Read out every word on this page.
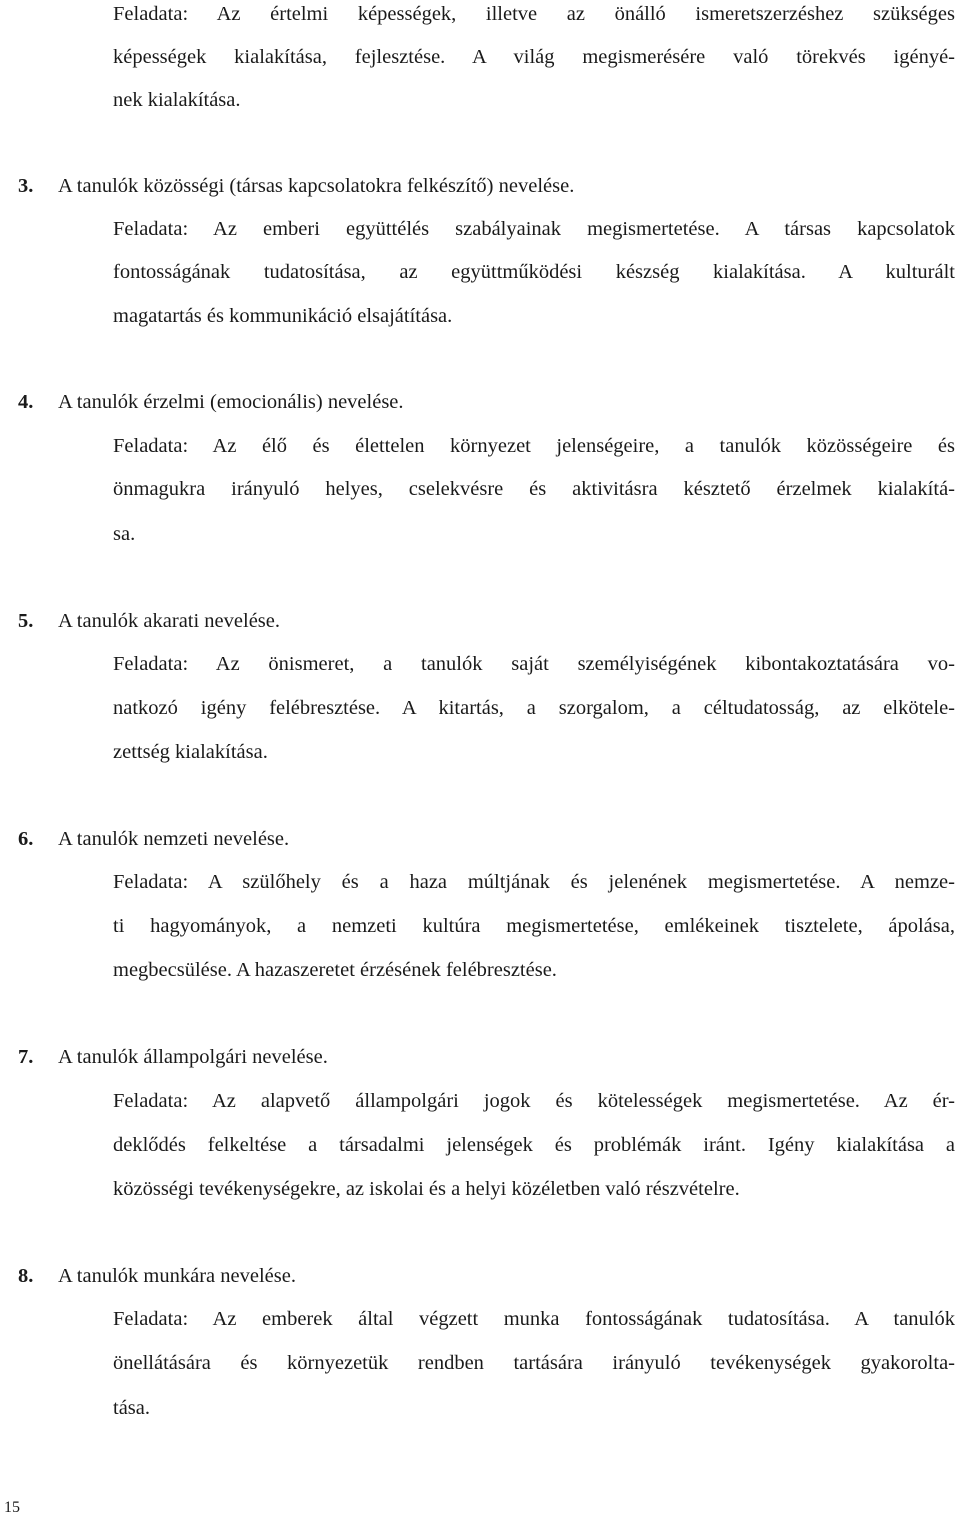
Feladata: Az értelmi képességek, illetve az önálló ismeretszerzéshez szükséges
képességek kialakítása, fejlesztése. A világ megismerésére való törekvés igényé-
nek kialakítása.
3. A tanulók közösségi (társas kapcsolatokra felkészítő) nevelése.
Feladata: Az emberi együttélés szabályainak megismertetése. A társas kapcsolatok
fontosságának tudatosítása, az együttműködési készség kialakítása. A kulturált
magatartás és kommunikáció elsajátítása.
4. A tanulók érzelmi (emocionális) nevelése.
Feladata: Az élő és élettelen környezet jelenségeire, a tanulók közösségeire és
önmagukra irányuló helyes, cselekvésre és aktivitásra késztető érzelmek kialakítá-
sa.
5. A tanulók akarati nevelése.
Feladata: Az önismeret, a tanulók saját személyiségének kibontakoztatására vo-
natkozó igény felébresztése. A kitartás, a szorgalom, a céltudatosság, az elkötele-
zettség kialakítása.
6. A tanulók nemzeti nevelése.
Feladata: A szülőhely és a haza múltjának és jelenének megismertetése. A nemze-
ti hagyományok, a nemzeti kultúra megismertetése, emlékeinek tisztelete, ápolása,
megbecsülése. A hazaszeretet érzésének felébresztése.
7. A tanulók állampolgári nevelése.
Feladata: Az alapvető állampolgári jogok és kötelességek megismertetése. Az ér-
deklődés felkeltése a társadalmi jelenségek és problémák iránt. Igény kialakítása a
közösségi tevékenységekre, az iskolai és a helyi közéletben való részvételre.
8. A tanulók munkára nevelése.
Feladata: Az emberek által végzett munka fontosságának tudatosítása. A tanulók
önellátására és környezetük rendben tartására irányuló tevékenységek gyakorolta-
tása.
15
